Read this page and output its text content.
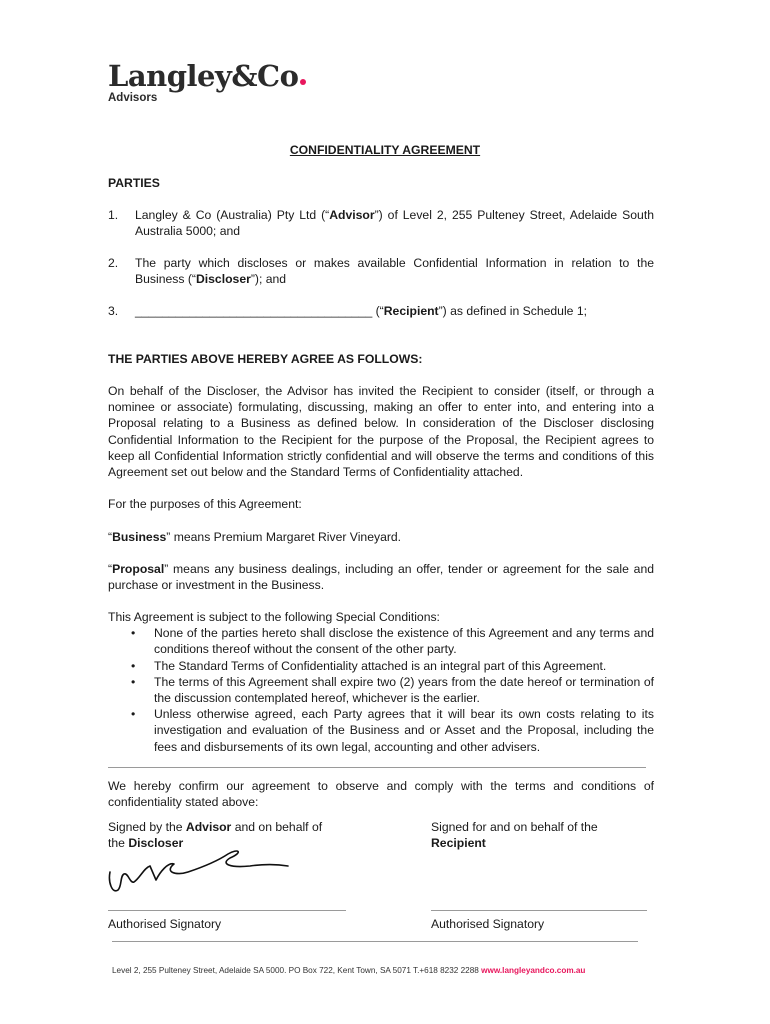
Langley&Co
Advisors
CONFIDENTIALITY AGREEMENT
PARTIES
1. Langley & Co (Australia) Pty Ltd (“Advisor”) of Level 2, 255 Pulteney Street, Adelaide South Australia 5000; and
2. The party which discloses or makes available Confidential Information in relation to the Business (“Discloser”); and
3. ___________________________________ (“Recipient”) as defined in Schedule 1;
THE PARTIES ABOVE HEREBY AGREE AS FOLLOWS:
On behalf of the Discloser, the Advisor has invited the Recipient to consider (itself, or through a nominee or associate) formulating, discussing, making an offer to enter into, and entering into a Proposal relating to a Business as defined below. In consideration of the Discloser disclosing Confidential Information to the Recipient for the purpose of the Proposal, the Recipient agrees to keep all Confidential Information strictly confidential and will observe the terms and conditions of this Agreement set out below and the Standard Terms of Confidentiality attached.
For the purposes of this Agreement:
“Business” means Premium Margaret River Vineyard.
“Proposal” means any business dealings, including an offer, tender or agreement for the sale and purchase or investment in the Business.
This Agreement is subject to the following Special Conditions:
• None of the parties hereto shall disclose the existence of this Agreement and any terms and conditions thereof without the consent of the other party.
• The Standard Terms of Confidentiality attached is an integral part of this Agreement.
• The terms of this Agreement shall expire two (2) years from the date hereof or termination of the discussion contemplated hereof, whichever is the earlier.
• Unless otherwise agreed, each Party agrees that it will bear its own costs relating to its investigation and evaluation of the Business and or Asset and the Proposal, including the fees and disbursements of its own legal, accounting and other advisers.
We hereby confirm our agreement to observe and comply with the terms and conditions of confidentiality stated above:
Signed by the Advisor and on behalf of
the Discloser
Signed for and on behalf of the
Recipient
Authorised Signatory	Authorised Signatory
Level 2, 255 Pulteney Street, Adelaide SA 5000. PO Box 722, Kent Town, SA 5071 T.+618 8232 2288 www.langleyandco.com.au
